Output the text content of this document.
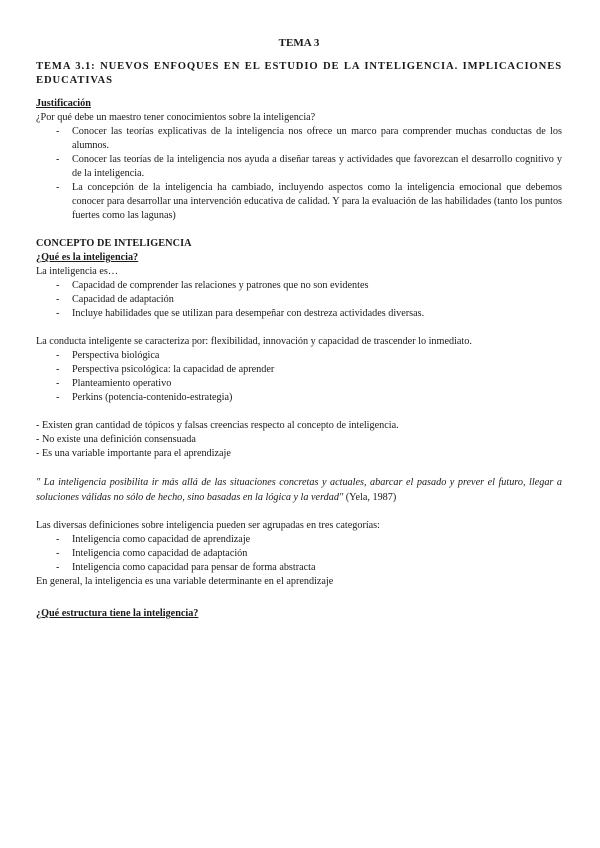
TEMA 3
TEMA 3.1: NUEVOS ENFOQUES EN EL ESTUDIO DE LA INTELIGENCIA. IMPLICACIONES EDUCATIVAS

Justificación

¿Por qué debe un maestro tener conocimientos sobre la inteligencia?

- Conocer las teorías explicativas de la inteligencia nos ofrece un marco para comprender muchas conductas de los alumnos.
- Conocer las teorías de la inteligencia nos ayuda a diseñar tareas y actividades que favorezcan el desarrollo cognitivo y de la inteligencia.
- La concepción de la inteligencia ha cambiado, incluyendo aspectos como la inteligencia emocional que debemos conocer para desarrollar una intervención educativa de calidad. Y para la evaluación de las habilidades (tanto los puntos fuertes como las lagunas)

CONCEPTO DE INTELIGENCIA

¿Qué es la inteligencia?

La inteligencia es…

- Capacidad de comprender las relaciones y patrones que no son evidentes
- Capacidad de adaptación
- Incluye habilidades que se utilizan para desempeñar con destreza actividades diversas.

La conducta inteligente se caracteriza por: flexibilidad, innovación y capacidad de trascender lo inmediato.

- Perspectiva biológica
- Perspectiva psicológica: la capacidad de aprender
- Planteamiento operativo
- Perkins (potencia-contenido-estrategia)

- Existen gran cantidad de tópicos y falsas creencias respecto al concepto de inteligencia.

- No existe una definición consensuada

- Es una variable importante para el aprendizaje

" La inteligencia posibilita ir más allá de las situaciones concretas y actuales, abarcar el pasado y prever el futuro, llegar a soluciones válidas no sólo de hecho, sino basadas en la lógica y la verdad" (Yela, 1987)

Las diversas definiciones sobre inteligencia pueden ser agrupadas en tres categorías:

- Inteligencia como capacidad de aprendizaje
- Inteligencia como capacidad de adaptación
- Inteligencia como capacidad para pensar de forma abstracta

En general, la inteligencia es una variable determinante en el aprendizaje

¿Qué estructura tiene la inteligencia?
